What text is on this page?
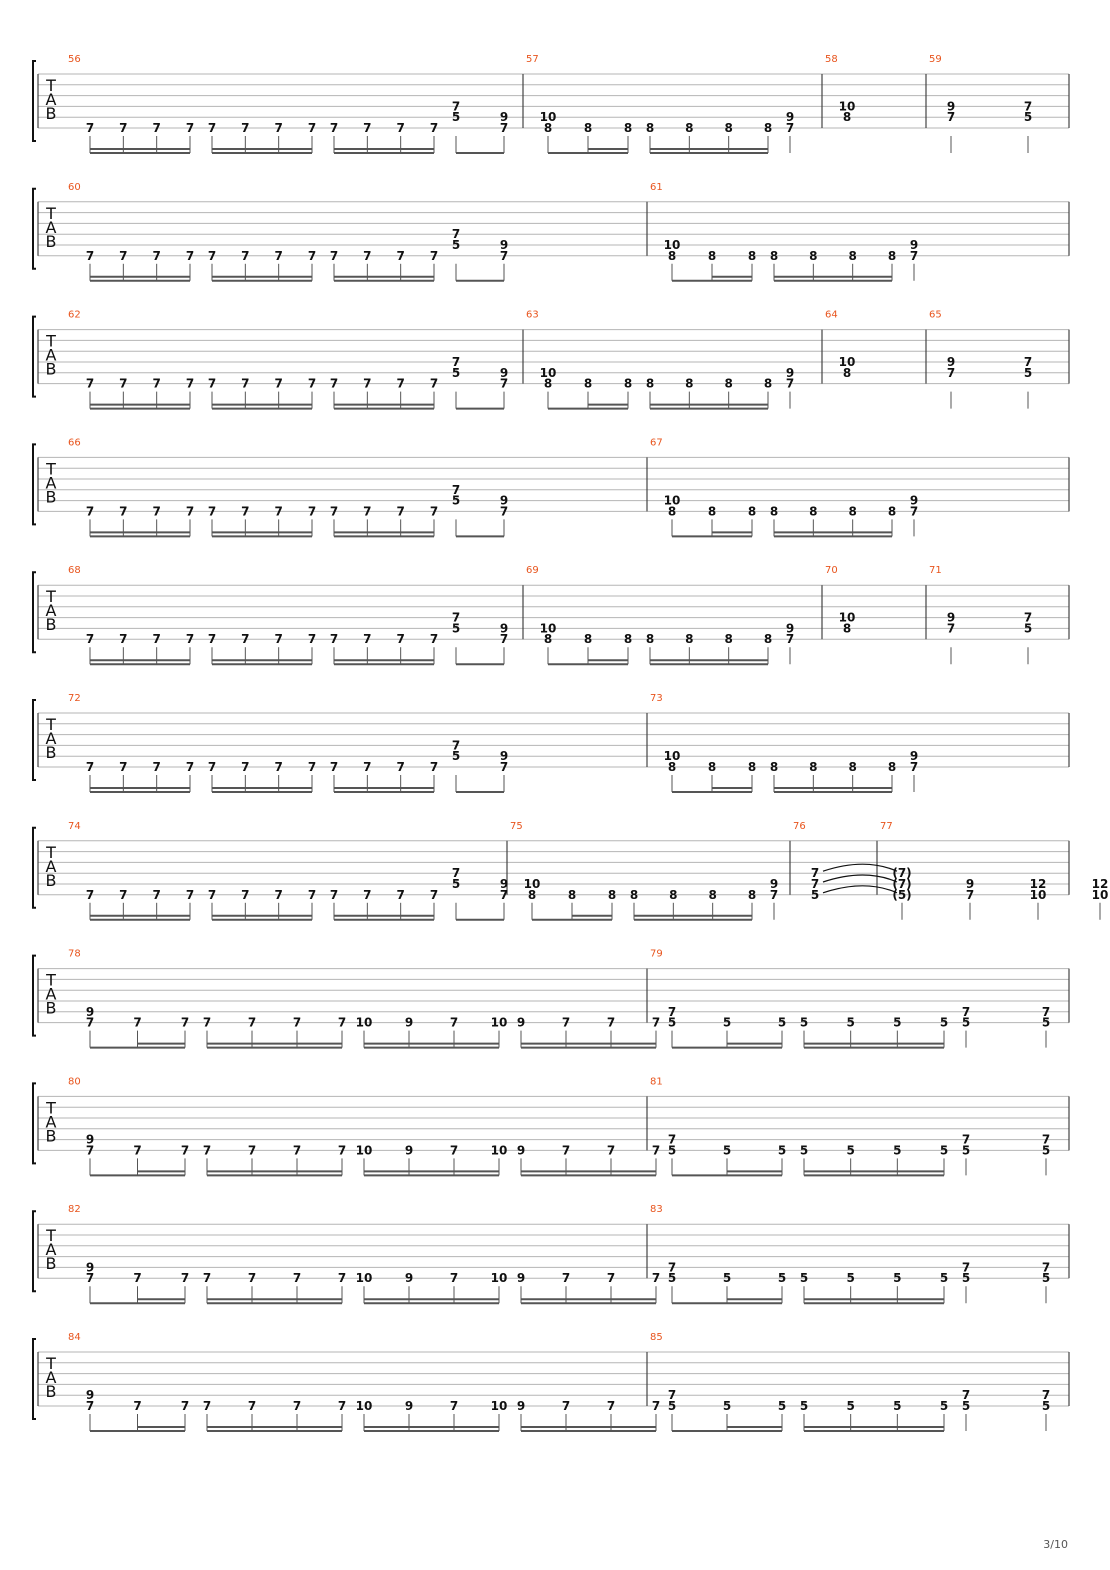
T
A
B
56
7 7 7 7 7 7 7 7 7 7 7 7
7
5	9
7
57
10
8	8	8 8	8	8	8
9
7
58
10
8
59
9
7
7
5
T
A
B
60
7 7 7 7 7 7 7 7 7 7 7 7
7
5	9
7
61
10
8	8	8 8	8	8	8
9
7
T
A
B
62
7 7 7 7 7 7 7 7 7 7 7 7
7
5	9
7
63
10
8	8	8 8	8	8	8
9
7
64
10
8
65
9
7
7
5
T
A
B
66
7 7 7 7 7 7 7 7 7 7 7 7
7
5	9
7
67
10
8	8	8 8	8	8	8
9
7
T
A
B
68
7 7 7 7 7 7 7 7 7 7 7 7
7
5	9
7
69
10
8	8	8 8	8	8	8
9
7
70
10
8
71
9
7
7
5
T
A
B
72
7 7 7 7 7 7 7 7 7 7 7 7
7
5	9
7
73
10
8	8	8 8	8	8	8
9
7
T
A
B
74
7 7 7 7 7 7 7 7 7 7 7 7
7
5	9
7
75
10
8	8	8 8	8	8	8
9
7
76
7
7
5
77
(7)
(7)
(5)
9
7
12
10
12
10
T
A
B
78
9
7	7	7 7	7	7	7 10	9	7	10 9	7	7	7
79
7
5	5	5 5	5	5	5
7
5
7
5
T
A
B
80
9
7	7	7 7	7	7	7 10	9	7	10 9	7	7	7
81
7
5	5	5 5	5	5	5
7
5
7
5
T
A
B
82
9
7	7	7 7	7	7	7 10	9	7	10 9	7	7	7
83
7
5	5	5 5	5	5	5
7
5
7
5
T
A
B
84
9
7	7	7 7	7	7	7 10	9	7	10 9	7	7	7
85
7
5	5	5 5	5	5	5
7
5
7
5
3/10
